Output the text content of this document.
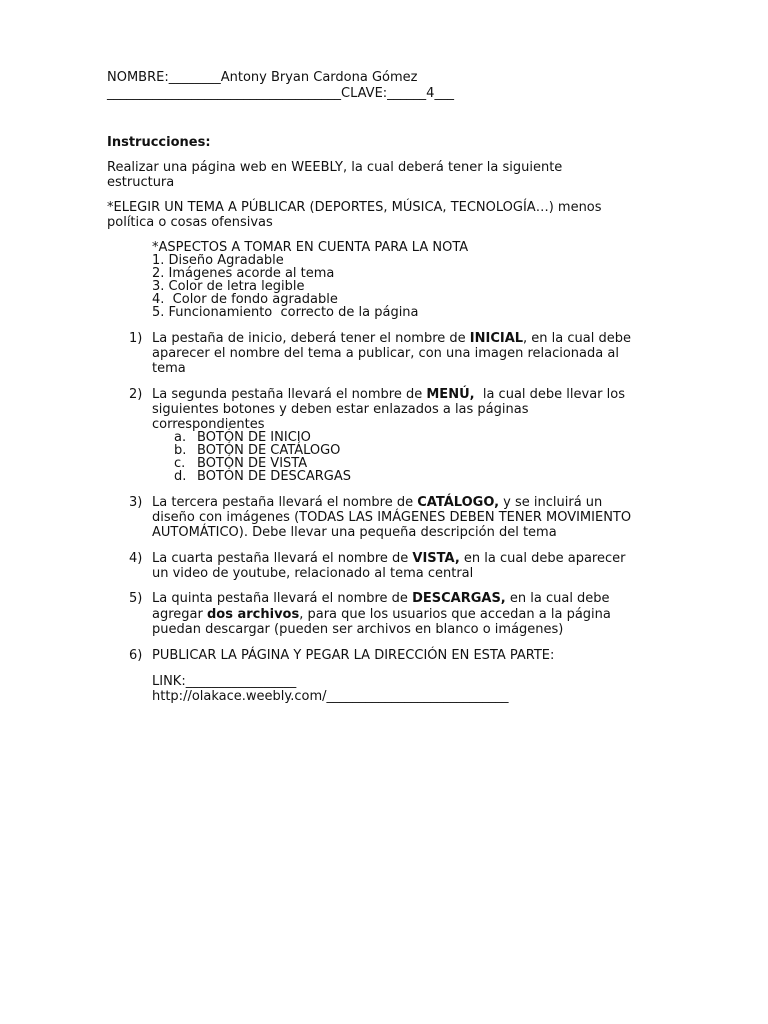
NOMBRE:________Antony Bryan Cardona Gómez
____________________________________CLAVE:______4___
Instrucciones:
Realizar una página web en WEEBLY, la cual deberá tener la siguiente
estructura
*ELEGIR UN TEMA A PÚBLICAR (DEPORTES, MÚSICA, TECNOLOGÍA…) menos
política o cosas ofensivas
*ASPECTOS A TOMAR EN CUENTA PARA LA NOTA
1. Diseño Agradable
2. Imágenes acorde al tema
3. Color de letra legible
4.  Color de fondo agradable
5. Funcionamiento  correcto de la página
1) La pestaña de inicio, deberá tener el nombre de INICIAL, en la cual debe
aparecer el nombre del tema a publicar, con una imagen relacionada al
tema
2) La segunda pestaña llevará el nombre de MENÚ,  la cual debe llevar los
siguientes botones y deben estar enlazados a las páginas
correspondientes
a. BOTÓN DE INICIO
b. BOTÓN DE CATÁLOGO
c. BOTÓN DE VISTA
d. BOTÓN DE DESCARGAS
3) La tercera pestaña llevará el nombre de CATÁLOGO, y se incluirá un
diseño con imágenes (TODAS LAS IMÁGENES DEBEN TENER MOVIMIENTO
AUTOMÁTICO). Debe llevar una pequeña descripción del tema
4) La cuarta pestaña llevará el nombre de VISTA, en la cual debe aparecer
un video de youtube, relacionado al tema central
5) La quinta pestaña llevará el nombre de DESCARGAS, en la cual debe
agregar dos archivos, para que los usuarios que accedan a la página
puedan descargar (pueden ser archivos en blanco o imágenes)
6) PUBLICAR LA PÁGINA Y PEGAR LA DIRECCIÓN EN ESTA PARTE:
LINK:_________________
http://olakace.weebly.com/____________________________
